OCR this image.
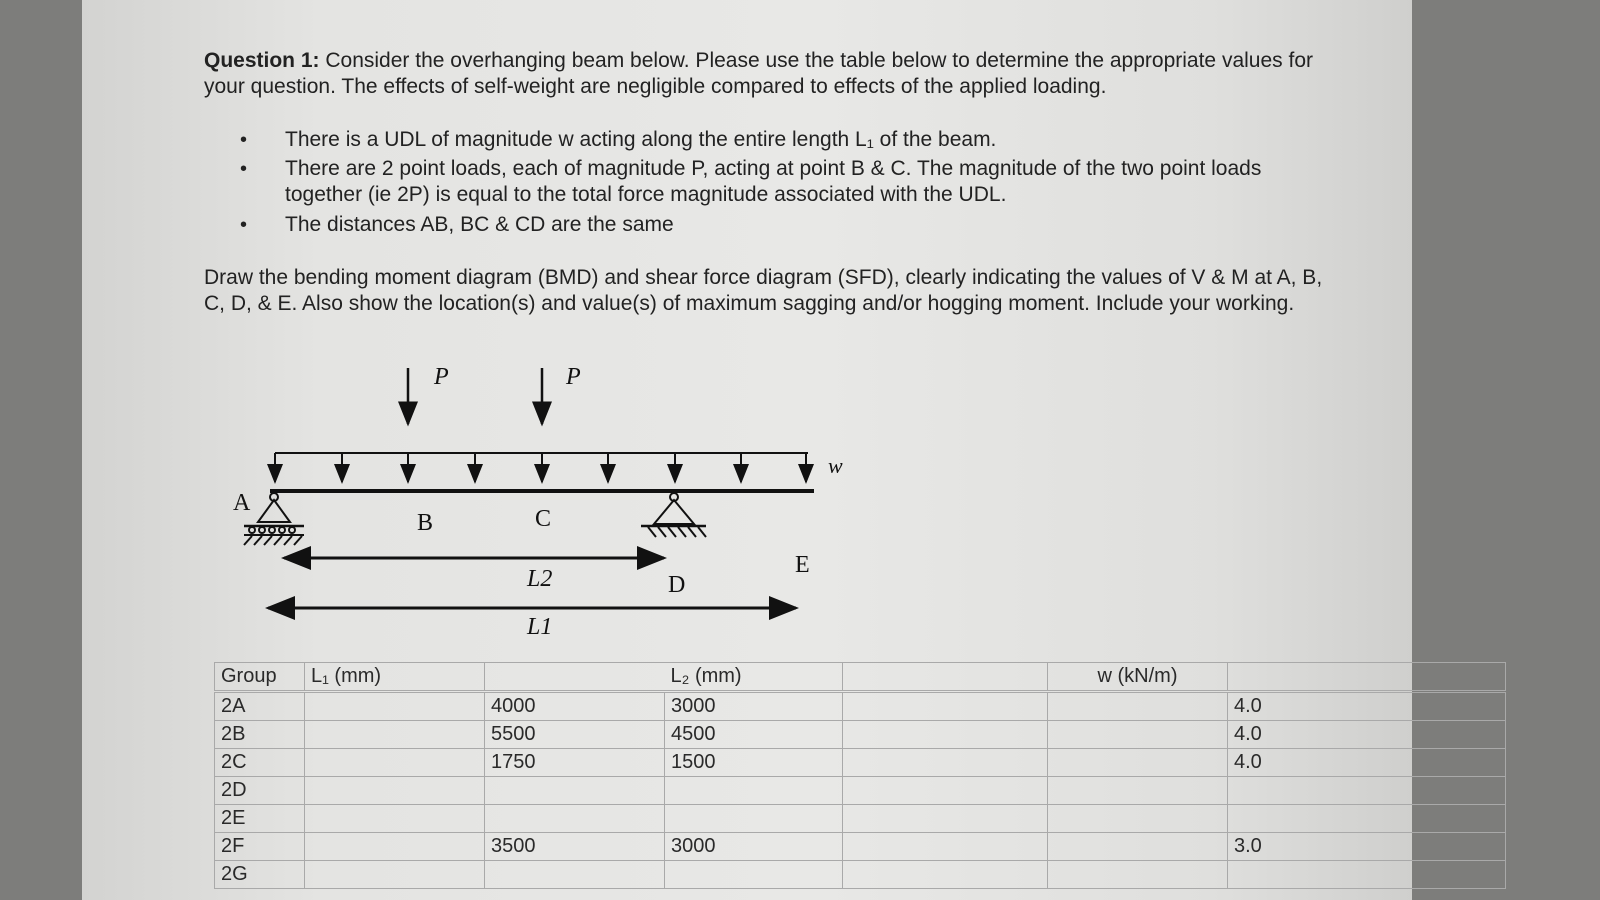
Question 1: Consider the overhanging beam below. Please use the table below to determine the appropriate values for your question. The effects of self-weight are negligible compared to effects of the applied loading.
• There is a UDL of magnitude w acting along the entire length L₁ of the beam.
• There are 2 point loads, each of magnitude P, acting at point B & C. The magnitude of the two point loads together (ie 2P) is equal to the total force magnitude associated with the UDL.
• The distances AB, BC & CD are the same
Draw the bending moment diagram (BMD) and shear force diagram (SFD), clearly indicating the values of V & M at A, B, C, D, & E. Also show the location(s) and value(s) of maximum sagging and/or hogging moment. Include your working.
P	P
w
A
B	C
D
E
L2
L1
Group	L₁ (mm)		L₂ (mm)		w (kN/m)	
2A		4000	3000			4.0
2B		5500	4500			4.0
2C		1750	1500			4.0
2D						
2E						
2F		3500	3000			3.0
2G						
